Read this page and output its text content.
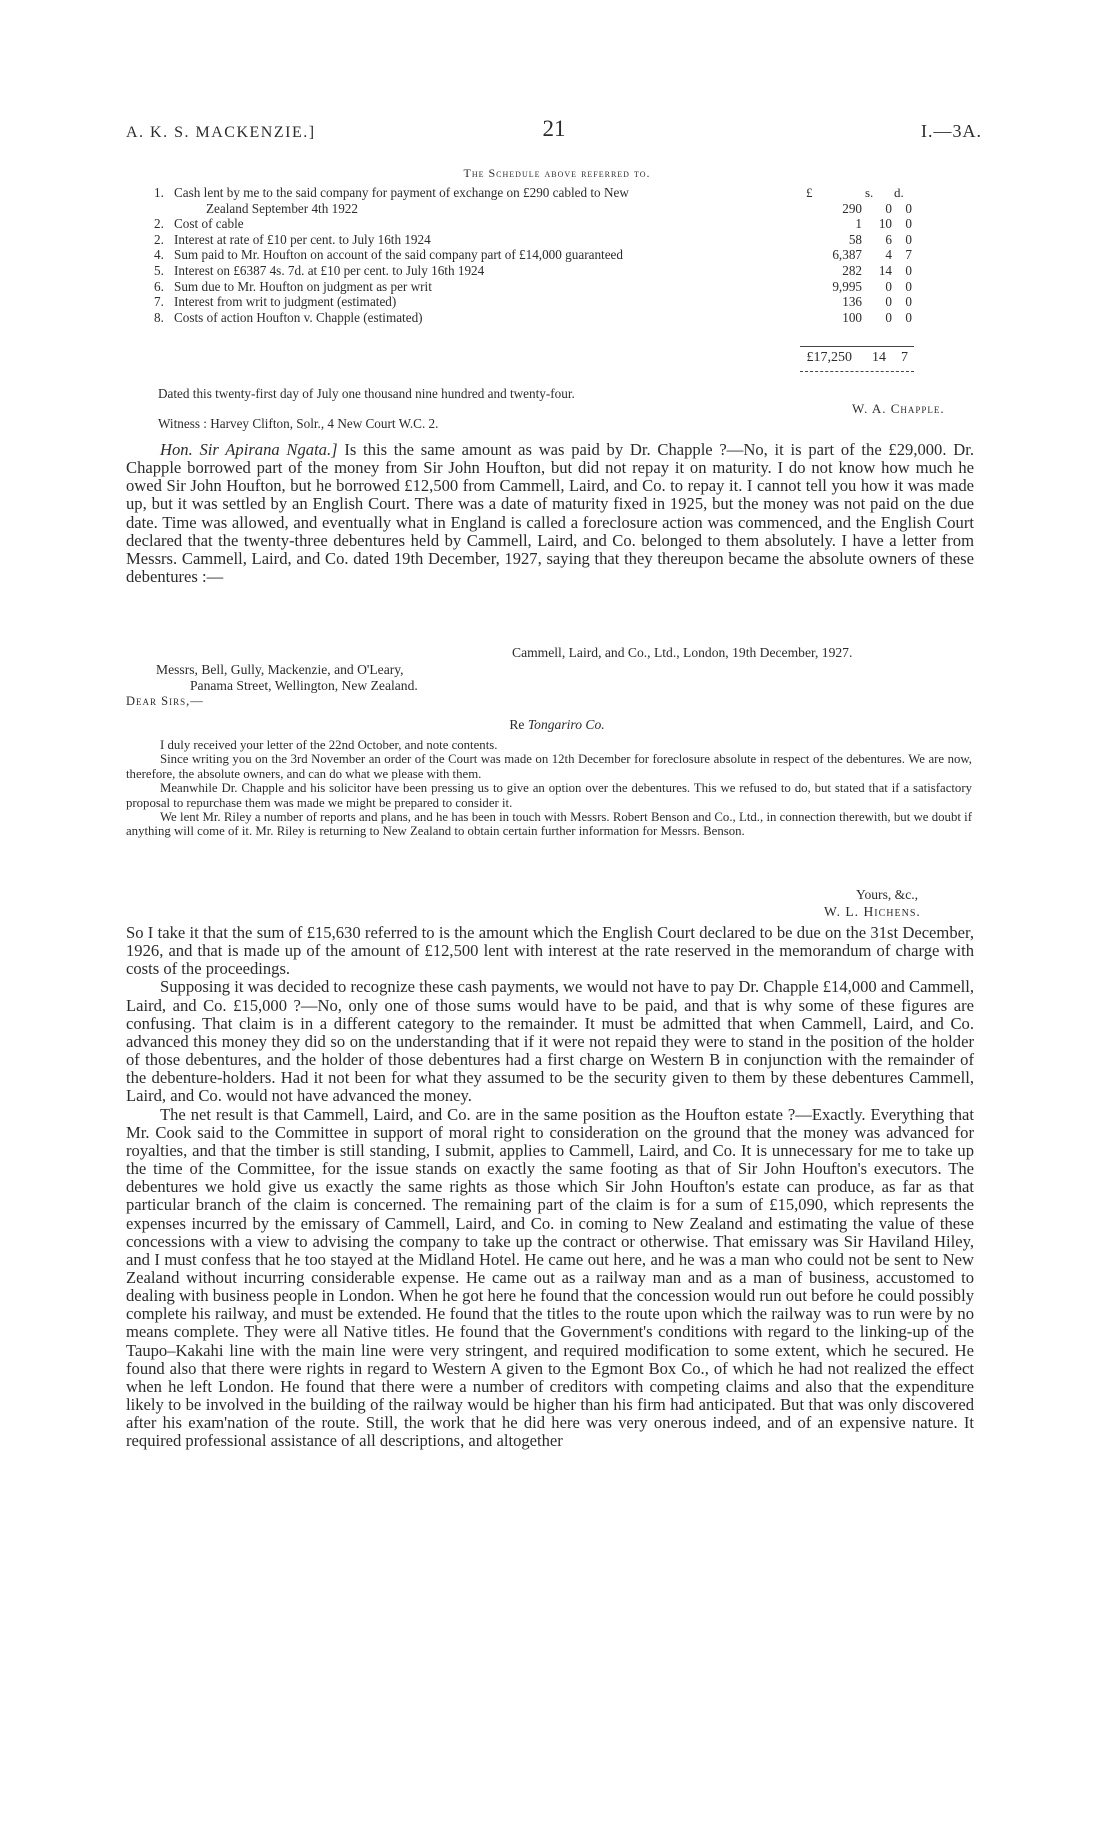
A. K. S. MACKENZIE.]	21	I.—3A.
The Schedule above referred to.
£	s. d.
1. Cash lent by me to the said company for payment of exchange on £290 cabled to New
Zealand September 4th 1922	290 0 0
2. Cost of cable	1 10 0
2. Interest at rate of £10 per cent. to July 16th 1924	58 6 0
4. Sum paid to Mr. Houfton on account of the said company part of £14,000 guaranteed	6,387 4 7
5. Interest on £6387 4s. 7d. at £10 per cent. to July 16th 1924	282 14 0
6. Sum due to Mr. Houfton on judgment as per writ	9,995 0 0
7. Interest from writ to judgment (estimated)	136 0 0
8. Costs of action Houfton v. Chapple (estimated)	100 0 0
£17,250 14 7
Dated this twenty-first day of July one thousand nine hundred and twenty-four.
W. A. Chapple.
Witness : Harvey Clifton, Solr., 4 New Court W.C. 2.

Hon. Sir Apirana Ngata.] Is this the same amount as was paid by Dr. Chapple ?—No, it is part of the £29,000. Dr. Chapple borrowed part of the money from Sir John Houfton, but did not repay it on maturity. I do not know how much he owed Sir John Houfton, but he borrowed £12,500 from Cammell, Laird, and Co. to repay it. I cannot tell you how it was made up, but it was settled by an English Court. There was a date of maturity fixed in 1925, but the money was not paid on the due date. Time was allowed, and eventually what in England is called a foreclosure action was commenced, and the English Court declared that the twenty-three debentures held by Cammell, Laird, and Co. belonged to them absolutely. I have a letter from Messrs. Cammell, Laird, and Co. dated 19th December, 1927, saying that they thereupon became the absolute owners of these debentures :—

Cammell, Laird, and Co., Ltd., London, 19th December, 1927.
Messrs, Bell, Gully, Mackenzie, and O'Leary,
Panama Street, Wellington, New Zealand.
Dear Sirs,—
Re Tongariro Co.

I duly received your letter of the 22nd October, and note contents.

Since writing you on the 3rd November an order of the Court was made on 12th December for foreclosure absolute in respect of the debentures. We are now, therefore, the absolute owners, and can do what we please with them.

Meanwhile Dr. Chapple and his solicitor have been pressing us to give an option over the debentures. This we refused to do, but stated that if a satisfactory proposal to repurchase them was made we might be prepared to consider it.

We lent Mr. Riley a number of reports and plans, and he has been in touch with Messrs. Robert Benson and Co., Ltd., in connection therewith, but we doubt if anything will come of it. Mr. Riley is returning to New Zealand to obtain certain further information for Messrs. Benson.

Yours, &c.,
W. L. Hichens.

So I take it that the sum of £15,630 referred to is the amount which the English Court declared to be due on the 31st December, 1926, and that is made up of the amount of £12,500 lent with interest at the rate reserved in the memorandum of charge with costs of the proceedings.

Supposing it was decided to recognize these cash payments, we would not have to pay Dr. Chapple £14,000 and Cammell, Laird, and Co. £15,000 ?—No, only one of those sums would have to be paid, and that is why some of these figures are confusing. That claim is in a different category to the remainder. It must be admitted that when Cammell, Laird, and Co. advanced this money they did so on the understanding that if it were not repaid they were to stand in the position of the holder of those debentures, and the holder of those debentures had a first charge on Western B in conjunction with the remainder of the debenture-holders. Had it not been for what they assumed to be the security given to them by these debentures Cammell, Laird, and Co. would not have advanced the money.

The net result is that Cammell, Laird, and Co. are in the same position as the Houfton estate ?—Exactly. Everything that Mr. Cook said to the Committee in support of moral right to consideration on the ground that the money was advanced for royalties, and that the timber is still standing, I submit, applies to Cammell, Laird, and Co. It is unnecessary for me to take up the time of the Committee, for the issue stands on exactly the same footing as that of Sir John Houfton's executors. The debentures we hold give us exactly the same rights as those which Sir John Houfton's estate can produce, as far as that particular branch of the claim is concerned. The remaining part of the claim is for a sum of £15,090, which represents the expenses incurred by the emissary of Cammell, Laird, and Co. in coming to New Zealand and estimating the value of these concessions with a view to advising the company to take up the contract or otherwise. That emissary was Sir Haviland Hiley, and I must confess that he too stayed at the Midland Hotel. He came out here, and he was a man who could not be sent to New Zealand without incurring considerable expense. He came out as a railway man and as a man of business, accustomed to dealing with business people in London. When he got here he found that the concession would run out before he could possibly complete his railway, and must be extended. He found that the titles to the route upon which the railway was to run were by no means complete. They were all Native titles. He found that the Government's conditions with regard to the linking-up of the Taupo–Kakahi line with the main line were very stringent, and required modification to some extent, which he secured. He found also that there were rights in regard to Western A given to the Egmont Box Co., of which he had not realized the effect when he left London. He found that there were a number of creditors with competing claims and also that the expenditure likely to be involved in the building of the railway would be higher than his firm had anticipated. But that was only discovered after his exam'nation of the route. Still, the work that he did here was very onerous indeed, and of an expensive nature. It required professional assistance of all descriptions, and altogether
